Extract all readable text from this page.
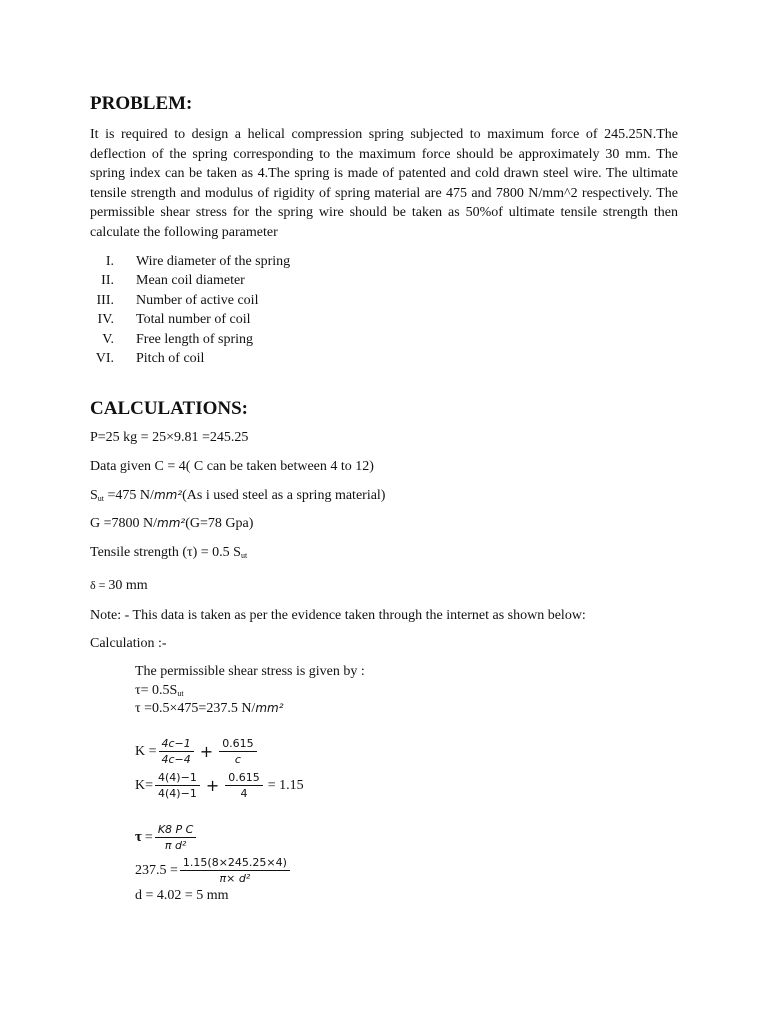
PROBLEM:

It is required to design a helical compression spring subjected to maximum force of 245.25N.The deflection of the spring corresponding to the maximum force should be approximately 30 mm. The spring index can be taken as 4.The spring is made of patented and cold drawn steel wire. The ultimate tensile strength and modulus of rigidity of spring material are 475 and 7800 N/mm^2 respectively. The permissible shear stress for the spring wire should be taken as 50%of ultimate tensile strength then calculate the following parameter

I. Wire diameter of the spring
II. Mean coil diameter
III. Number of active coil
IV. Total number of coil
V. Free length of spring
VI. Pitch of coil
CALCULATIONS:

P=25 kg = 25×9.81 =245.25

Data given C = 4( C can be taken between 4 to 12)

$S_{ut} =475$ N/mm²(As i used steel as a spring material)

G =7800 N/mm²(G=78 Gpa)

Tensile strength (τ) = 0.5 $S_{ut}$

δ = 30 mm

Note: - This data is taken as per the evidence taken through the internet as shown below:

Calculation :-

The permissible shear stress is given by :

$\tau= 0.5S_{ut}$

τ =0.5×475=237.5 N/mm²

$K = \frac{4c-1}{4c-4} + \frac{0.615}{c}$
$K= \frac{4(4)-1}{4(4)-1} + \frac{0.615}{4} = 1.15$
$\tau = \frac{\text{K8 P C}}{\text{π d²}}$
$237.5 = \frac{1.15(8\times 245.25\times 4)}{\text{π× d²}}$

d = 4.02 = 5 mm
